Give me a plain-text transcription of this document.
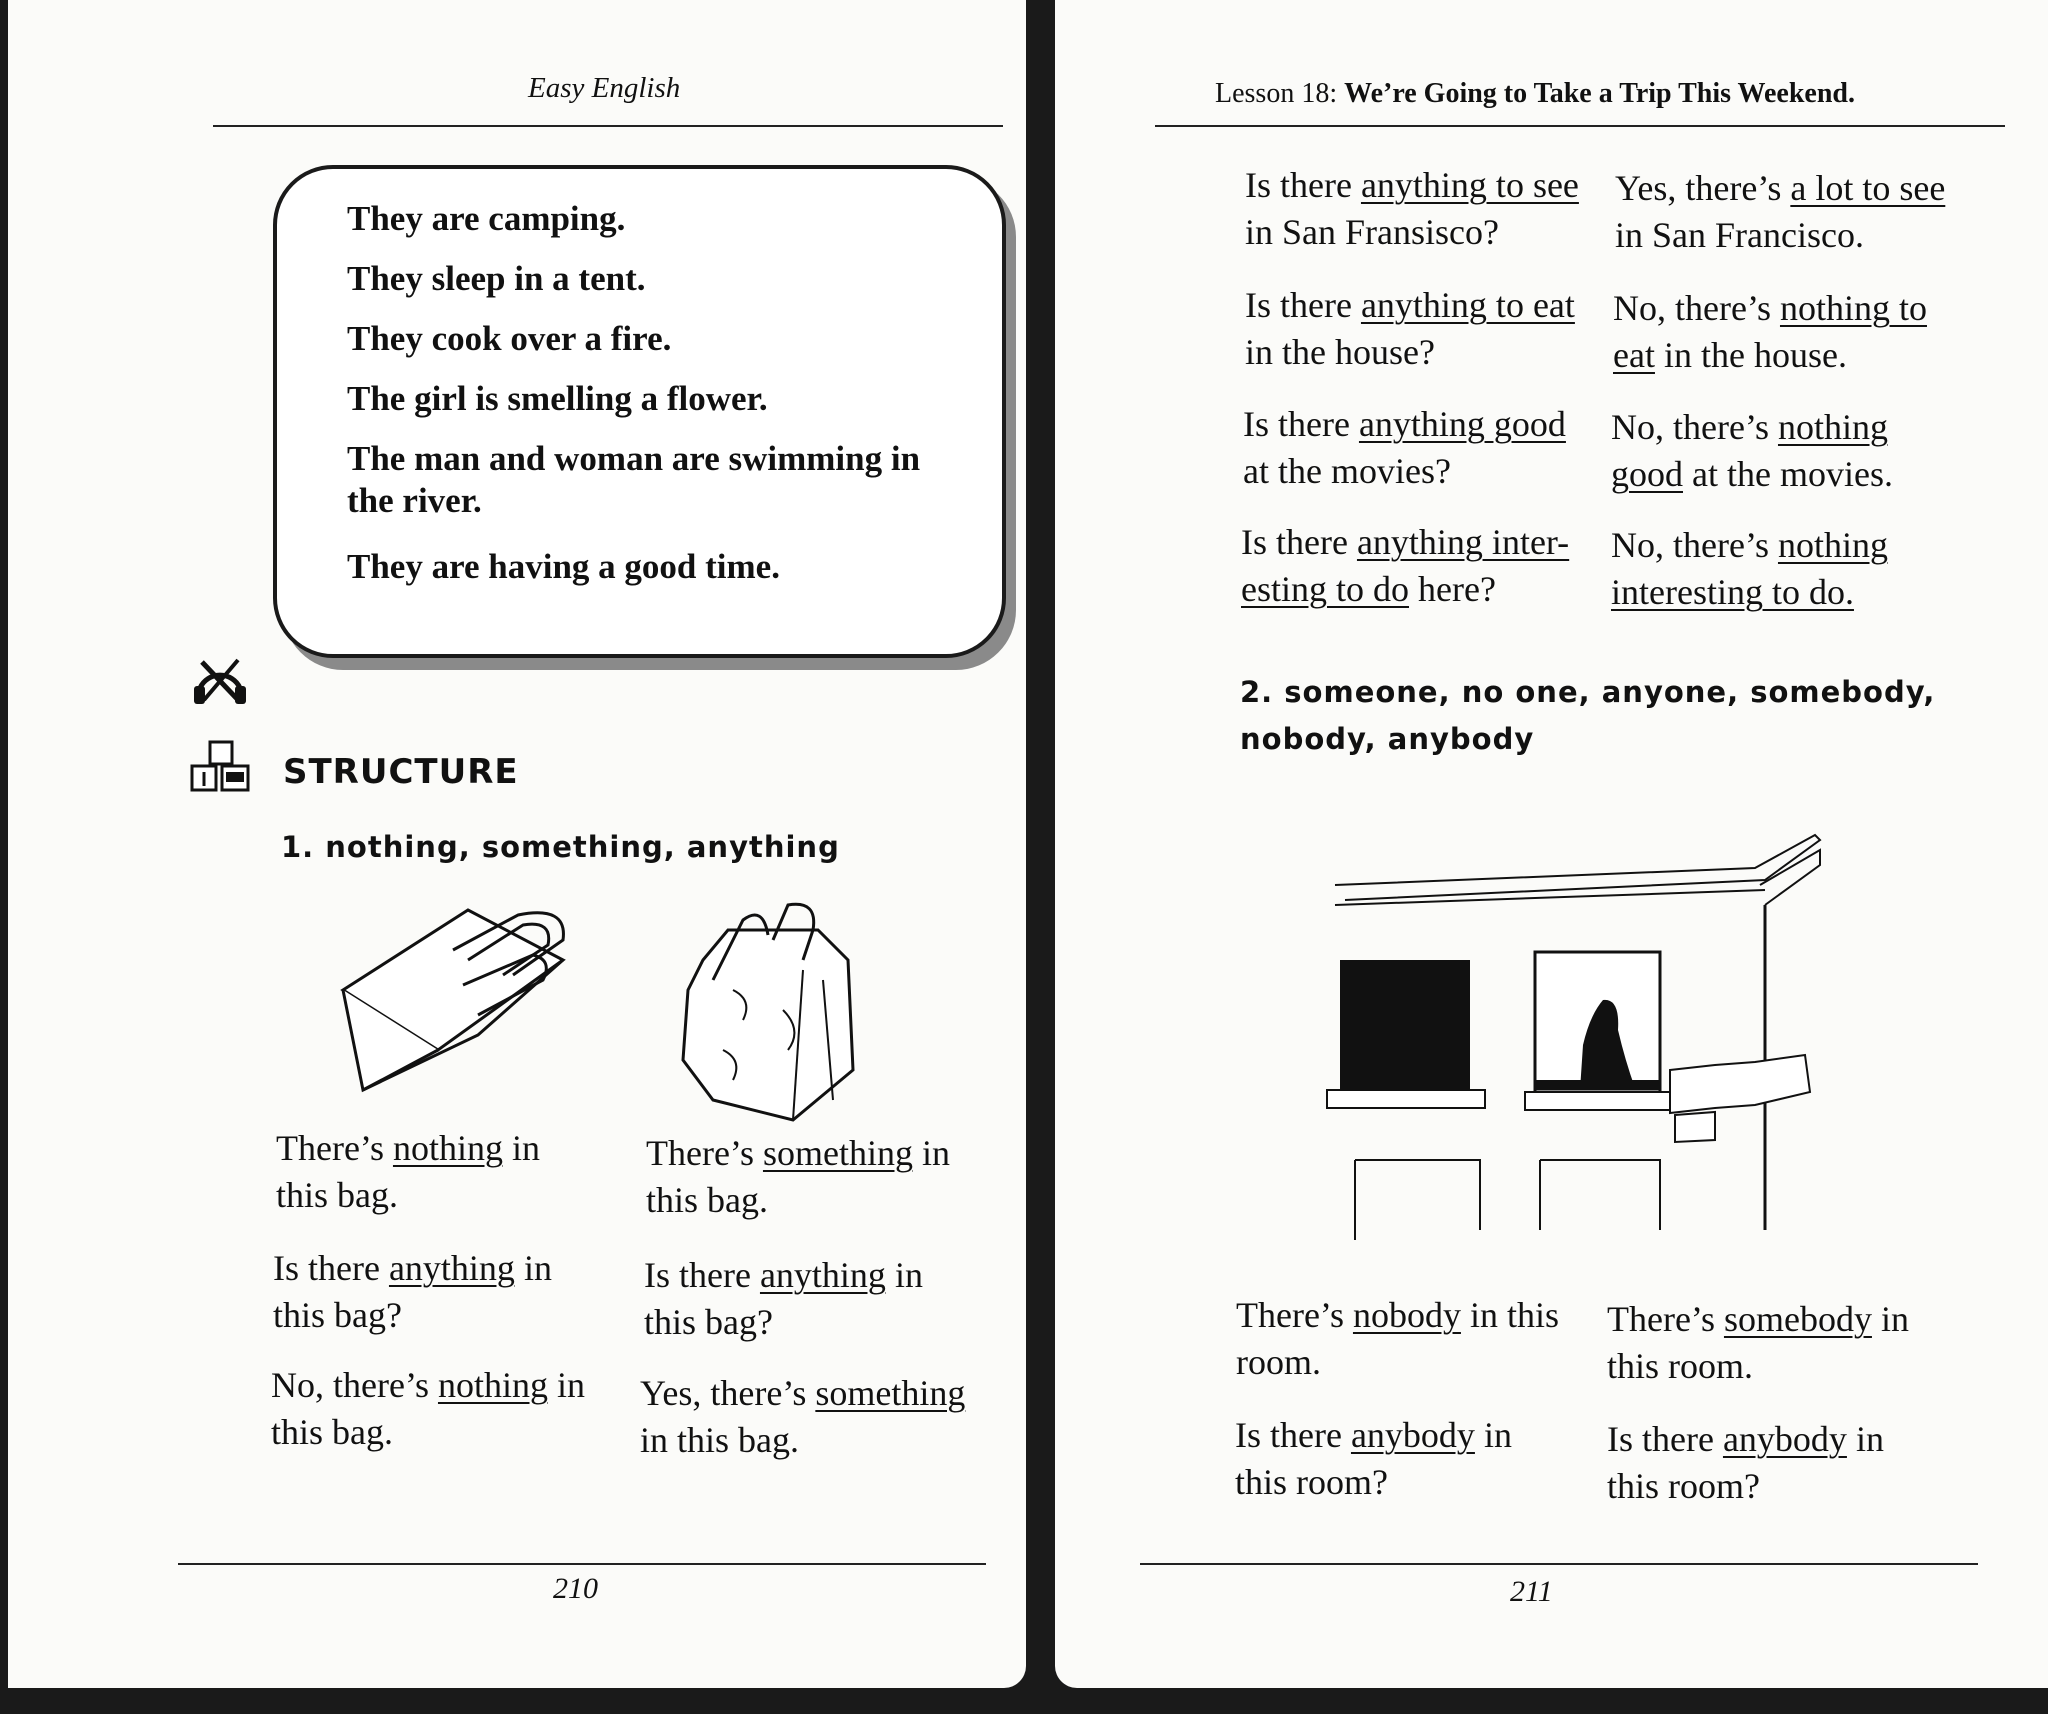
Easy English
They are camping.
They sleep in a tent.
They cook over a fire.
The girl is smelling a flower.
The man and woman are swimming in
the river.
They are having a good time.
STRUCTURE
1. nothing, something, anything
There’s nothing in
this bag.
There’s something in
this bag.
Is there anything in
this bag?
Is there anything in
this bag?
No, there’s nothing in
this bag.
Yes, there’s something
in this bag.
210
Lesson 18: We’re Going to Take a Trip This Weekend.
Is there anything to see
in San Fransisco?
Yes, there’s a lot to see
in San Francisco.
Is there anything to eat
in the house?
No, there’s nothing to
eat in the house.
Is there anything good
at the movies?
No, there’s nothing
good at the movies.
Is there anything inter-
esting to do here?
No, there’s nothing
interesting to do.
2. someone, no one, anyone, somebody,
nobody, anybody
There’s nobody in this
room.
There’s somebody in
this room.
Is there anybody in
this room?
Is there anybody in
this room?
211
